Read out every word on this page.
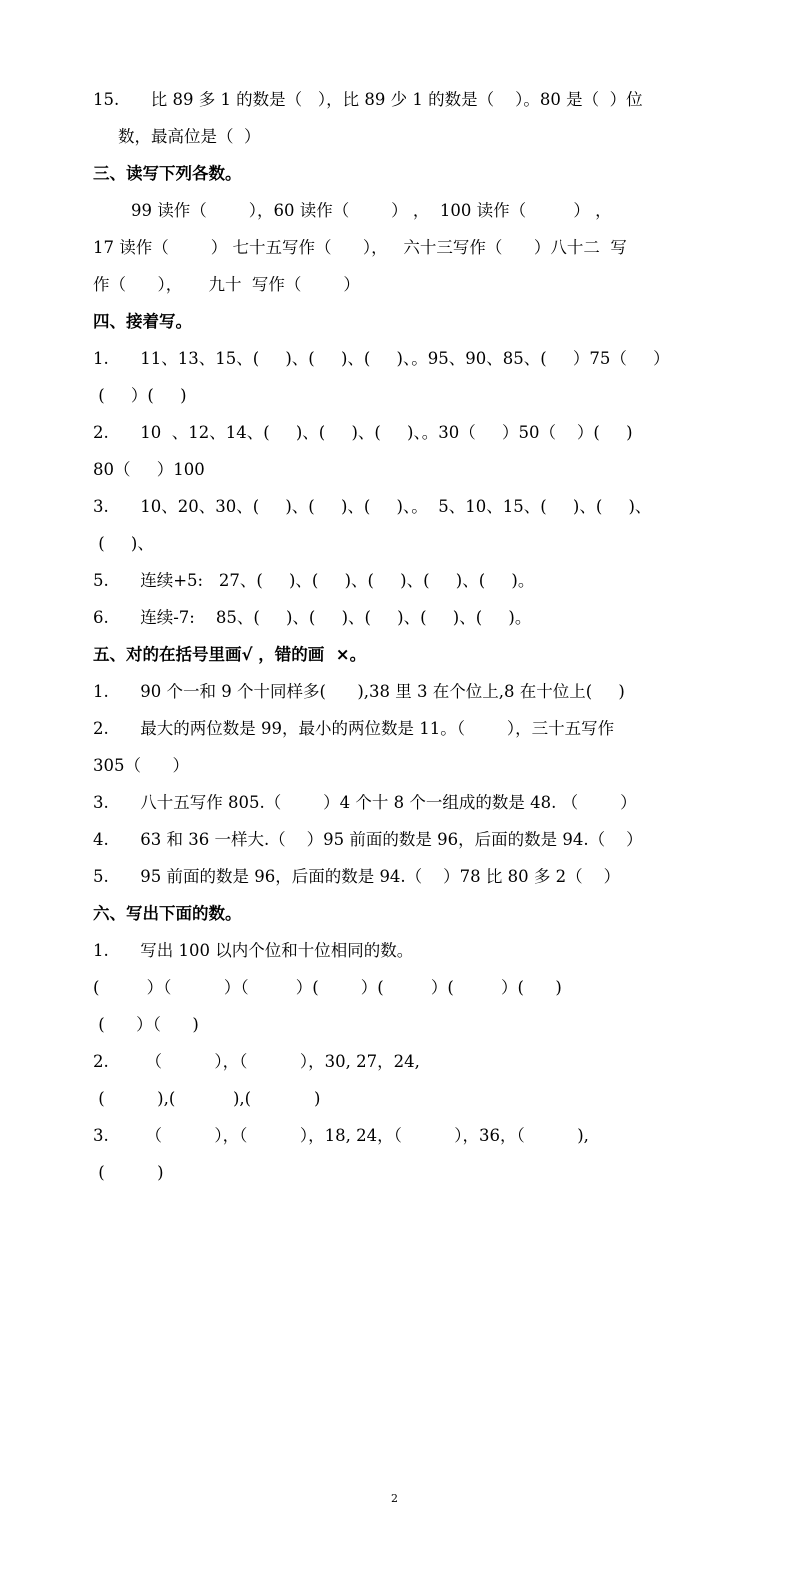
15.      比 89 多 1 的数是（   ），比 89 少 1 的数是（    ）。80 是（  ）位
数，最高位是（  ）
三、读写下列各数。
99 读作（        ），60 读作（        ） ，  100 读作（         ） ，
17 读作（        ） 七十五写作（      ），   六十三写作（      ）八十二  写
作（      ），     九十  写作（        ）
四、接着写。
1.      11、13、15、(     )、(     )、(     )、。95、90、85、(     ）75（     ）
(     ）(     )
2.      10  、12、14、(     )、(     )、(     )、。30（     ）50（    ）(     )
80（     ）100
3.      10、20、30、(     )、(     )、(     )、。  5、10、15、(     )、(     )、
(     )、
5.      连续+5:   27、(     )、(     )、(     )、(     )、(     )。
6.      连续-7:    85、(     )、(     )、(     )、(     )、(     )。
五、对的在括号里画√ ，错的画  ×。
1.      90 个一和 9 个十同样多(      ),38 里 3 在个位上,8 在十位上(     )
2.      最大的两位数是 99，最小的两位数是 11。（        ），三十五写作
305（      ）
3.      八十五写作 805.（        ）4 个十 8 个一组成的数是 48. （        ）
4.      63 和 36 一样大.（    ）95 前面的数是 96，后面的数是 94.（    ）
5.      95 前面的数是 96，后面的数是 94.（    ）78 比 80 多 2（    ）
六、写出下面的数。
1.      写出 100 以内个位和十位相同的数。
(         ）（          ）（         ）(        ）(         ）(         ）(      )
(      ）（      )
2.       （          ），（          ），30, 27，24,
(          ),(           ),(            )
3.       （          ），（          ），18, 24，（          ），36，（          ),
(          )
2
